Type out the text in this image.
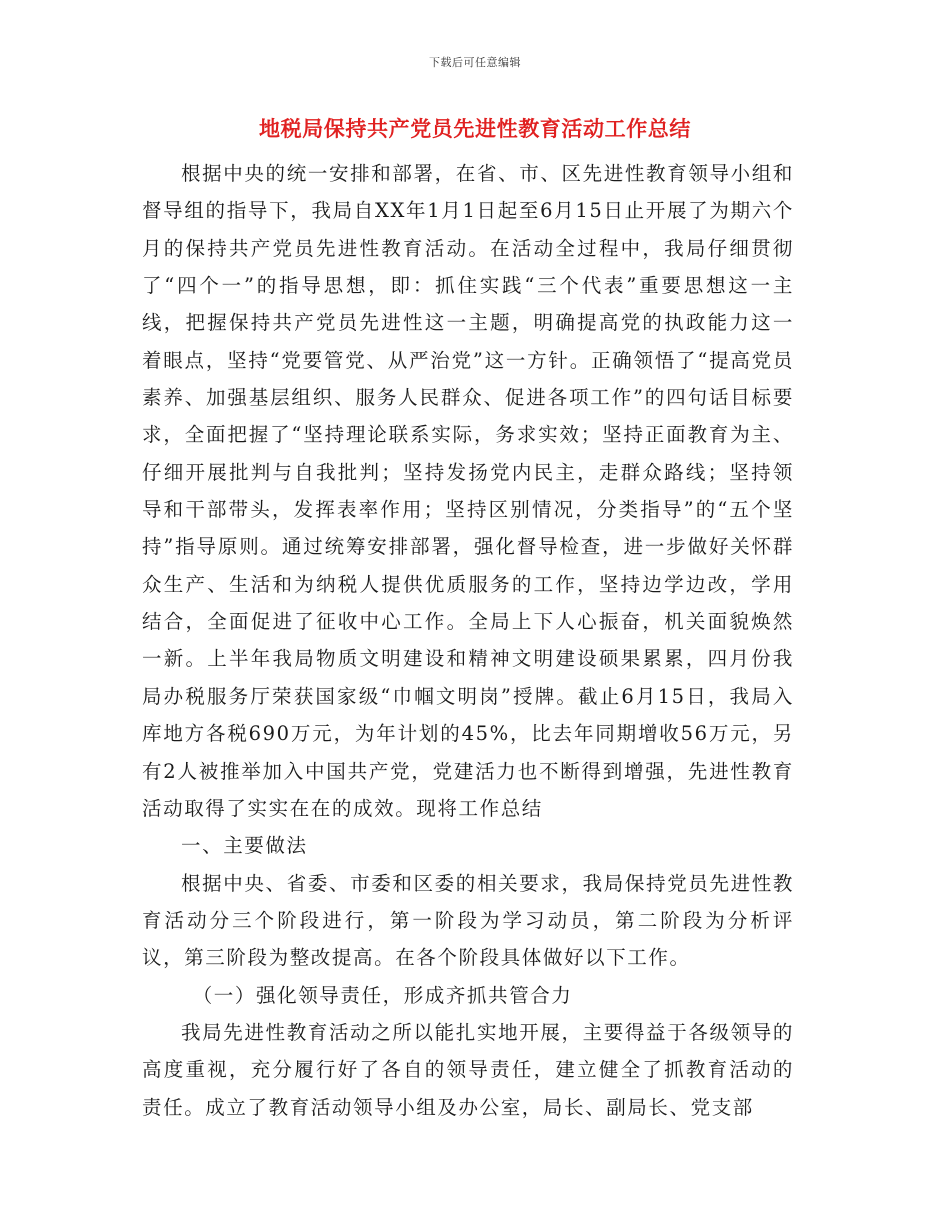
下载后可任意编辑
地税局保持共产党员先进性教育活动工作总结

根据中央的统一安排和部署，在省、市、区先进性教育领导小组和督导组的指导下，我局自XX年1月1日起至6月15日止开展了为期六个月的保持共产党员先进性教育活动。在活动全过程中，我局仔细贯彻了“四个一”的指导思想，即：抓住实践“三个代表”重要思想这一主线，把握保持共产党员先进性这一主题，明确提高党的执政能力这一着眼点，坚持“党要管党、从严治党”这一方针。正确领悟了“提高党员素养、加强基层组织、服务人民群众、促进各项工作”的四句话目标要求，全面把握了“坚持理论联系实际，务求实效；坚持正面教育为主、仔细开展批判与自我批判；坚持发扬党内民主，走群众路线；坚持领导和干部带头，发挥表率作用；坚持区别情况，分类指导”的“五个坚持”指导原则。通过统筹安排部署，强化督导检查，进一步做好关怀群众生产、生活和为纳税人提供优质服务的工作，坚持边学边改，学用结合，全面促进了征收中心工作。全局上下人心振奋，机关面貌焕然一新。上半年我局物质文明建设和精神文明建设硕果累累，四月份我局办税服务厅荣获国家级“巾帼文明岗”授牌。截止6月15日，我局入库地方各税690万元，为年计划的45%，比去年同期增收56万元，另有2人被推举加入中国共产党，党建活力也不断得到增强，先进性教育活动取得了实实在在的成效。现将工作总结

一、主要做法

根据中央、省委、市委和区委的相关要求，我局保持党员先进性教育活动分三个阶段进行，第一阶段为学习动员，第二阶段为分析评议，第三阶段为整改提高。在各个阶段具体做好以下工作。

（一）强化领导责任，形成齐抓共管合力

我局先进性教育活动之所以能扎实地开展，主要得益于各级领导的高度重视，充分履行好了各自的领导责任，建立健全了抓教育活动的责任。成立了教育活动领导小组及办公室，局长、副局长、党支部
